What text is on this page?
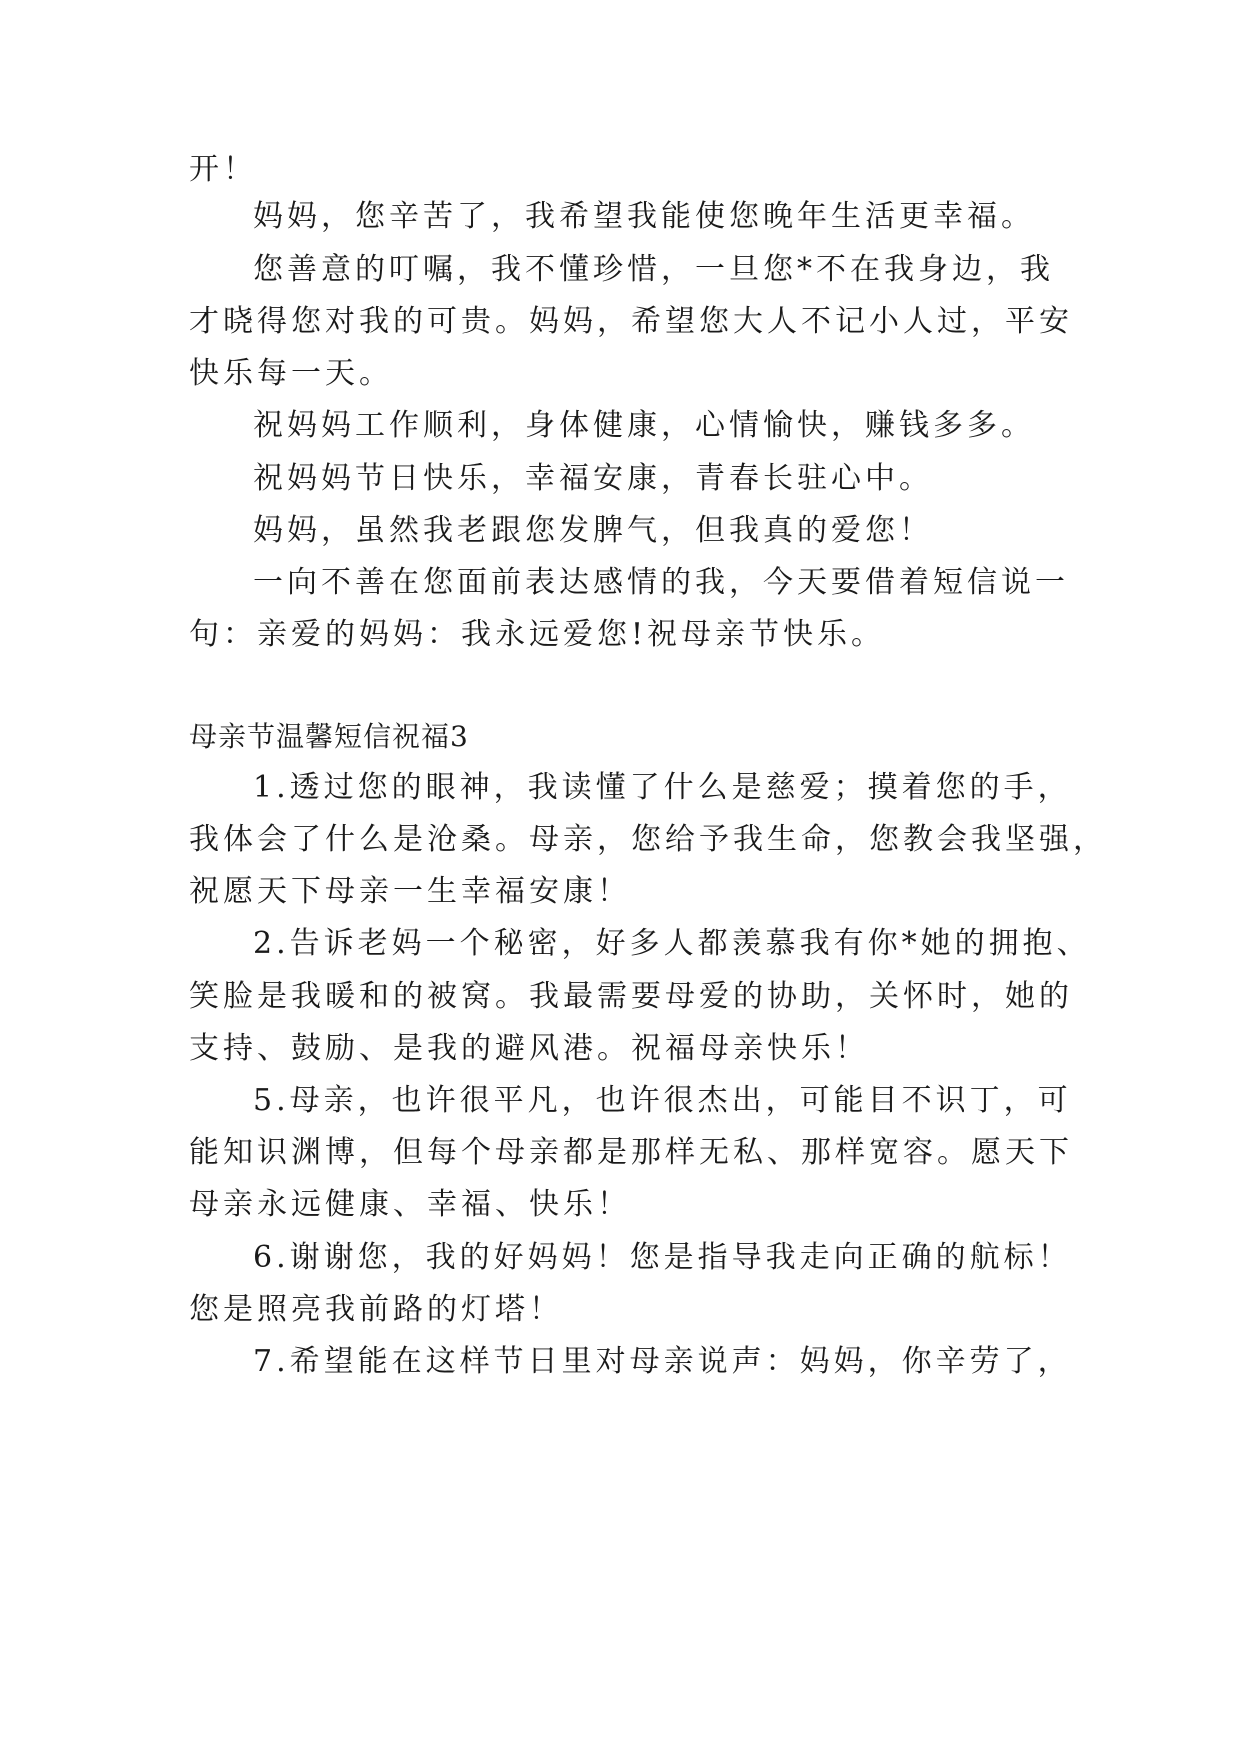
开！
妈妈，您辛苦了，我希望我能使您晚年生活更幸福。
您善意的叮嘱，我不懂珍惜，一旦您*不在我身边，我
才晓得您对我的可贵。妈妈，希望您大人不记小人过，平安
快乐每一天。
祝妈妈工作顺利，身体健康，心情愉快，赚钱多多。
祝妈妈节日快乐，幸福安康，青春长驻心中。
妈妈，虽然我老跟您发脾气，但我真的爱您！
一向不善在您面前表达感情的我，今天要借着短信说一
句：亲爱的妈妈：我永远爱您!祝母亲节快乐。
母亲节温馨短信祝福3
1.透过您的眼神，我读懂了什么是慈爱；摸着您的手，
我体会了什么是沧桑。母亲，您给予我生命，您教会我坚强，
祝愿天下母亲一生幸福安康！
2.告诉老妈一个秘密，好多人都羡慕我有你*她的拥抱、
笑脸是我暖和的被窝。我最需要母爱的协助，关怀时，她的
支持、鼓励、是我的避风港。祝福母亲快乐！
5.母亲，也许很平凡，也许很杰出，可能目不识丁，可
能知识渊博，但每个母亲都是那样无私、那样宽容。愿天下
母亲永远健康、幸福、快乐！
6.谢谢您，我的好妈妈！您是指导我走向正确的航标！
您是照亮我前路的灯塔！
7.希望能在这样节日里对母亲说声：妈妈，你辛劳了，
